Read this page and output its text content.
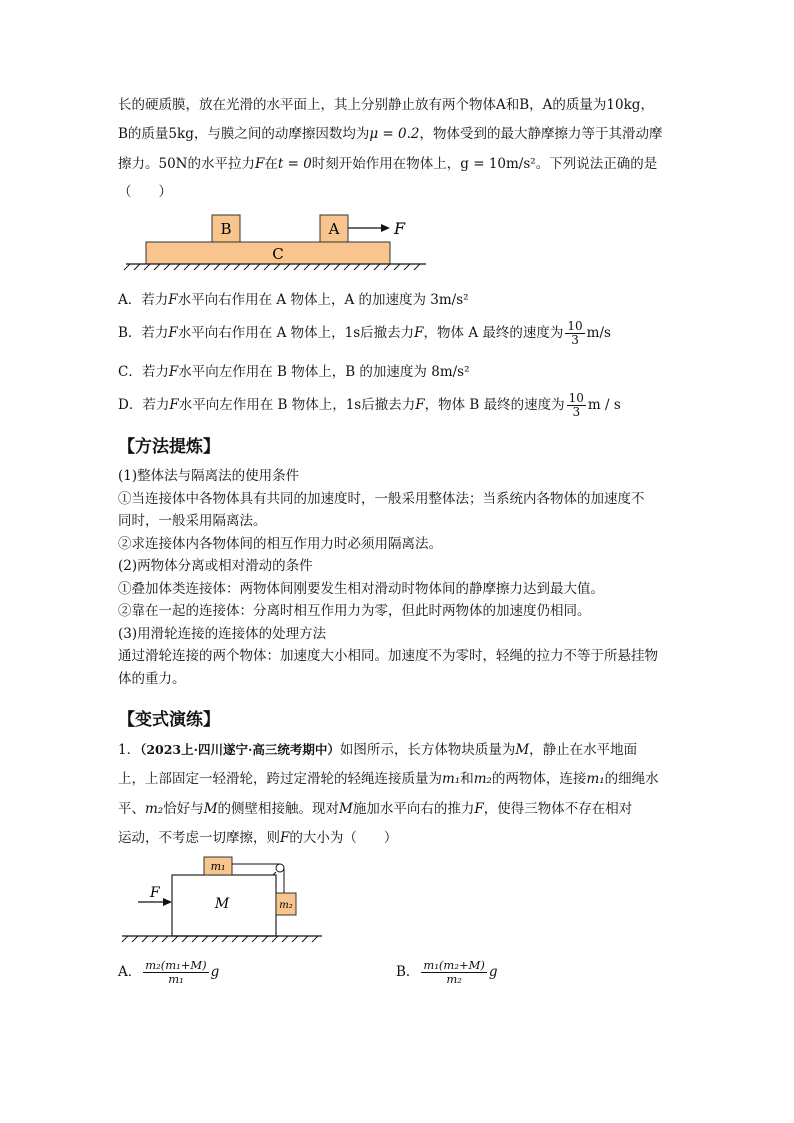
长的硬质膜，放在光滑的水平面上，其上分别静止放有两个物体A和B，A的质量为10kg，
B的质量5kg，与膜之间的动摩擦因数均为μ = 0.2，物体受到的最大静摩擦力等于其滑动摩
擦力。50N的水平拉力F在t = 0时刻开始作用在物体上，g = 10m/s²。下列说法正确的是
（　　）
B	A	F
C
A．若力F水平向右作用在 A 物体上，A 的加速度为 3m/s²
B．若力F水平向右作用在 A 物体上，1s后撤去力F，物体 A 最终的速度为 $\frac{10}{3} m/s$
C．若力F水平向左作用在 B 物体上，B 的加速度为 8m/s²
D．若力F水平向左作用在 B 物体上，1s后撤去力F，物体 B 最终的速度为 $\frac{10}{3}$ m / s
【方法提炼】
(1)整体法与隔离法的使用条件
①当连接体中各物体具有共同的加速度时，一般采用整体法；当系统内各物体的加速度不
同时，一般采用隔离法。
②求连接体内各物体间的相互作用力时必须用隔离法。
(2)两物体分离或相对滑动的条件
①叠加体类连接体：两物体间刚要发生相对滑动时物体间的静摩擦力达到最大值。
②靠在一起的连接体：分离时相互作用力为零，但此时两物体的加速度仍相同。
(3)用滑轮连接的连接体的处理方法
通过滑轮连接的两个物体：加速度大小相同。加速度不为零时，轻绳的拉力不等于所悬挂物
体的重力。
【变式演练】
1．（2023上·四川遂宁·高三统考期中）如图所示，长方体物块质量为M，静止在水平地面
上，上部固定一轻滑轮，跨过定滑轮的轻绳连接质量为m₁和m₂的两物体，连接m₁的细绳水
平、m₂恰好与M的侧壁相接触。现对M施加水平向右的推力F，使得三物体不存在相对
运动，不考虑一切摩擦，则F的大小为（　　）
F
M
m₁
m₂
A． $\frac{\text{m₂(m₁+M)}}{\text{m₁}}$ g	B． $\frac{\text{m₁(m₂+M)}}{\text{m₂}}$ g
